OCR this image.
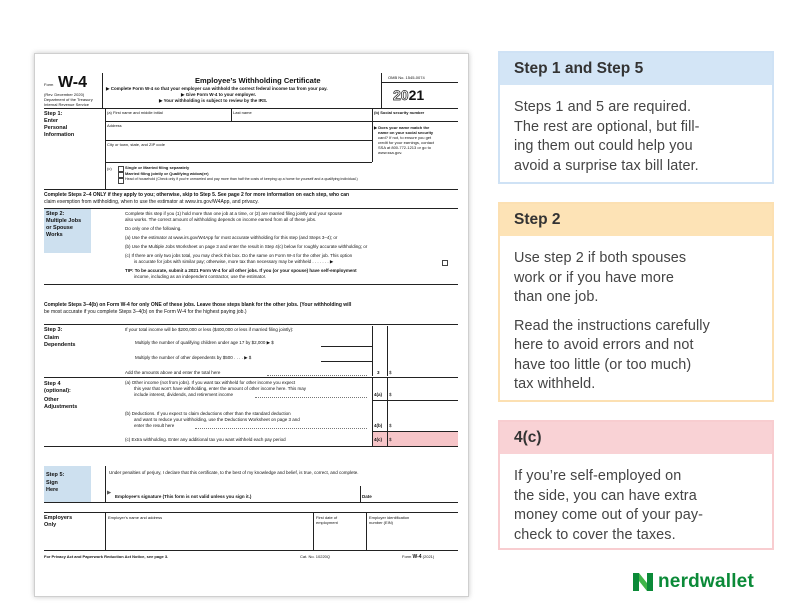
Form W-4
(Rev. December 2020)
Department of the Treasury
Internal Revenue Service
Employee’s Withholding Certificate
▶ Complete Form W-4 so that your employer can withhold the correct federal income tax from your pay.
▶ Give Form W-4 to your employer.
▶ Your withholding is subject to review by the IRS.
OMB No. 1545-0074
2021
Step 1:
Enter
Personal
Information
(a) First name and middle initial	Last name	(b) Social security number
Address
City or town, state, and ZIP code
▶ Does your name match the
name on your social security
card? If not, to ensure you get
credit for your earnings, contact
SSA at 800-772-1213 or go to
www.ssa.gov.
(c)	Single or Married filing separately
Married filing jointly or Qualifying widow(er)
Head of household (Check only if you’re unmarried and pay more than half the costs of keeping up a home for yourself and a qualifying individual.)
Complete Steps 2–4 ONLY if they apply to you; otherwise, skip to Step 5. See page 2 for more information on each step, who can
claim exemption from withholding, when to use the estimator at www.irs.gov/W4App, and privacy.
Step 2:
Multiple Jobs
or Spouse
Works
Complete this step if you (1) hold more than one job at a time, or (2) are married filing jointly and your spouse
also works. The correct amount of withholding depends on income earned from all of these jobs.
Do only one of the following.
(a) Use the estimator at www.irs.gov/W4App for most accurate withholding for this step (and Steps 3–4); or
(b) Use the Multiple Jobs Worksheet on page 3 and enter the result in Step 4(c) below for roughly accurate withholding; or
(c) If there are only two jobs total, you may check this box. Do the same on Form W-4 for the other job. This option
is accurate for jobs with similar pay; otherwise, more tax than necessary may be withheld . . . . . . . ▶
TIP: To be accurate, submit a 2021 Form W-4 for all other jobs. If you (or your spouse) have self-employment
income, including as an independent contractor, use the estimator.
Complete Steps 3–4(b) on Form W-4 for only ONE of these jobs. Leave those steps blank for the other jobs. (Your withholding will
be most accurate if you complete Steps 3–4(b) on the Form W-4 for the highest paying job.)
Step 3:
Claim
Dependents
If your total income will be $200,000 or less ($400,000 or less if married filing jointly):
Multiply the number of qualifying children under age 17 by $2,000 ▶ $
Multiply the number of other dependents by $500 . . . . ▶ $
Add the amounts above and enter the total here	3 $
Step 4
(optional):
Other
Adjustments
(a) Other income (not from jobs). If you want tax withheld for other income you expect
this year that won’t have withholding, enter the amount of other income here. This may
include interest, dividends, and retirement income	4(a) $
(b) Deductions. If you expect to claim deductions other than the standard deduction
and want to reduce your withholding, use the Deductions Worksheet on page 3 and
enter the result here	4(b) $
(c) Extra withholding. Enter any additional tax you want withheld each pay period	4(c) $
Step 5:
Sign
Here
Under penalties of perjury, I declare that this certificate, to the best of my knowledge and belief, is true, correct, and complete.
▶
Employee’s signature (This form is not valid unless you sign it.)	Date
Employers
Only
Employer’s name and address	First date of
employment
Employer identification
number (EIN)
For Privacy Act and Paperwork Reduction Act Notice, see page 3.	Cat. No. 10220Q	Form W-4 (2021)
Step 1 and Step 5
Steps 1 and 5 are required.
The rest are optional, but fill-
ing them out could help you
avoid a surprise tax bill later.
Step 2

Use step 2 if both spouses
work or if you have more
than one job.

Read the instructions carefully
here to avoid errors and not
have too little (or too much)
tax withheld.

4(c)
If you’re self-employed on
the side, you can have extra
money come out of your pay-
check to cover the taxes.
nerdwallet
